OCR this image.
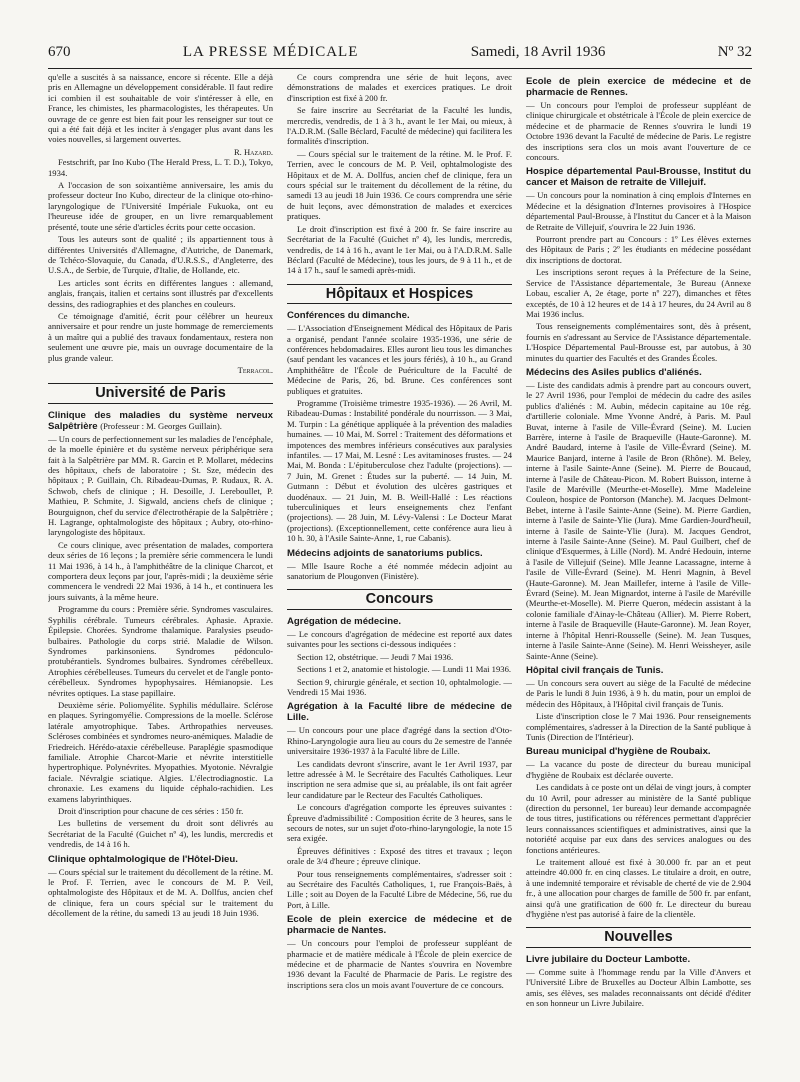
670	LA PRESSE MÉDICALE	Samedi, 18 Avril 1936	Nº 32

qu'elle a suscités à sa naissance, encore si récente. Elle a déjà pris en Allemagne un développement considérable. Il faut redire ici combien il est souhaitable de voir s'intéresser à elle, en France, les chimistes, les pharmacologistes, les thérapeutes. Un ouvrage de ce genre est bien fait pour les renseigner sur tout ce qui a été fait déjà et les inciter à s'engager plus avant dans les voies nouvelles, si largement ouvertes.

R. Hazard.

Festschrift, par Ino Kubo (The Herald Press, L. T. D.), Tokyo, 1934.

A l'occasion de son soixantième anniversaire, les amis du professeur docteur Ino Kubo, directeur de la clinique oto-rhino-laryngologique de l'Université Impériale Fukuoka, ont eu l'heureuse idée de grouper, en un livre remarquablement présenté, toute une série d'articles écrits pour cette occasion.

Tous les auteurs sont de qualité ; ils appartiennent tous à différentes Universités d'Allemagne, d'Autriche, de Danemark, de Tchéco-Slovaquie, du Canada, d'U.R.S.S., d'Angleterre, des U.S.A., de Serbie, de Turquie, d'Italie, de Hollande, etc.

Les articles sont écrits en différentes langues : allemand, anglais, français, italien et certains sont illustrés par d'excellents dessins, des radiographies et des planches en couleurs.

Ce témoignage d'amitié, écrit pour célébrer un heureux anniversaire et pour rendre un juste hommage de remerciements à un maître qui a publié des travaux fondamentaux, restera non seulement une œuvre pie, mais un ouvrage documentaire de la plus grande valeur.

Terracol.
Université de Paris
Clinique des maladies du système nerveux Salpêtrière (Professeur : M. Georges Guillain).

— Un cours de perfectionnement sur les maladies de l'encéphale, de la moelle épinière et du système nerveux périphérique sera fait à la Salpêtrière par MM. R. Garcin et P. Mollaret, médecins des hôpitaux, chefs de laboratoire ; St. Sze, médecin des hôpitaux ; P. Guillain, Ch. Ribadeau-Dumas, P. Rudaux, R. A. Schwob, chefs de clinique ; H. Desoille, J. Lereboullet, P. Mathieu, P. Schmite, J. Sigwald, anciens chefs de clinique ; Bourguignon, chef du service d'électrothérapie de la Salpêtrière ; H. Lagrange, ophtalmologiste des hôpitaux ; Aubry, oto-rhino-laryngologiste des hôpitaux.

Ce cours clinique, avec présentation de malades, comportera deux séries de 16 leçons ; la première série commencera le lundi 11 Mai 1936, à 14 h., à l'amphithéâtre de la clinique Charcot, et comportera deux leçons par jour, l'après-midi ; la deuxième série commencera le vendredi 22 Mai 1936, à 14 h., et continuera les jours suivants, à la même heure.

Programme du cours : Première série. Syndromes vasculaires. Syphilis cérébrale. Tumeurs cérébrales. Aphasie. Apraxie. Épilepsie. Chorées. Syndrome thalamique. Paralysies pseudo-bulbaires. Pathologie du corps strié. Maladie de Wilson. Syndromes parkinsoniens. Syndromes pédonculo-protubérantiels. Syndromes bulbaires. Syndromes cérébelleux. Atrophies cérébelleuses. Tumeurs du cervelet et de l'angle ponto-cérébelleux. Syndromes hypophysaires. Hémianopsie. Les névrites optiques. La stase papillaire.

Deuxième série. Poliomyélite. Syphilis médullaire. Sclérose en plaques. Syringomyélie. Compressions de la moelle. Sclérose latérale amyotrophique. Tabes. Arthropathies nerveuses. Scléroses combinées et syndromes neuro-anémiques. Maladie de Friedreich. Hérédo-ataxie cérébelleuse. Paraplégie spasmodique familiale. Atrophie Charcot-Marie et névrite interstitielle hypertrophique. Polynévrites. Myopathies. Myotonie. Névralgie faciale. Névralgie sciatique. Algies. L'électrodiagnostic. La chronaxie. Les examens du liquide céphalo-rachidien. Les examens labyrinthiques.

Droit d'inscription pour chacune de ces séries : 150 fr.

Les bulletins de versement du droit sont délivrés au Secrétariat de la Faculté (Guichet nº 4), les lundis, mercredis et vendredis, de 14 à 16 h.

Clinique ophtalmologique de l'Hôtel-Dieu.

— Cours spécial sur le traitement du décollement de la rétine. M. le Prof. F. Terrien, avec le concours de M. P. Veil, ophtalmologiste des Hôpitaux et de M. A. Dollfus, ancien chef de clinique, fera un cours spécial sur le traitement du décollement de la rétine, du samedi 13 au jeudi 18 Juin 1936.

Ce cours comprendra une série de huit leçons, avec démonstrations de malades et exercices pratiques. Le droit d'inscription est fixé à 200 fr.

Se faire inscrire au Secrétariat de la Faculté les lundis, mercredis, vendredis, de 1 à 3 h., avant le 1er Mai, ou mieux, à l'A.D.R.M. (Salle Béclard, Faculté de médecine) qui facilitera les formalités d'inscription.

— Cours spécial sur le traitement de la rétine. M. le Prof. F. Terrien, avec le concours de M. P. Veil, ophtalmologiste des Hôpitaux et de M. A. Dollfus, ancien chef de clinique, fera un cours spécial sur le traitement du décollement de la rétine, du samedi 13 au jeudi 18 Juin 1936. Ce cours comprendra une série de huit leçons, avec démonstration de malades et exercices pratiques.

Le droit d'inscription est fixé à 200 fr. Se faire inscrire au Secrétariat de la Faculté (Guichet nº 4), les lundis, mercredis, vendredis, de 14 à 16 h., avant le 1er Mai, ou à l'A.D.R.M. Salle Béclard (Faculté de Médecine), tous les jours, de 9 à 11 h., et de 14 à 17 h., sauf le samedi après-midi.

Hôpitaux et Hospices
Conférences du dimanche.

— L'Association d'Enseignement Médical des Hôpitaux de Paris a organisé, pendant l'année scolaire 1935-1936, une série de conférences hebdomadaires. Elles auront lieu tous les dimanches (sauf pendant les vacances et les jours fériés), à 10 h., au Grand Amphithéâtre de l'École de Puériculture de la Faculté de Médecine de Paris, 26, bd. Brune. Ces conférences sont publiques et gratuites.

Programme (Troisième trimestre 1935-1936). — 26 Avril, M. Ribadeau-Dumas : Instabilité pondérale du nourrisson. — 3 Mai, M. Turpin : La génétique appliquée à la prévention des maladies humaines. — 10 Mai, M. Sorrel : Traitement des déformations et impotences des membres inférieurs consécutives aux paralysies infantiles. — 17 Mai, M. Lesné : Les avitaminoses frustes. — 24 Mai, M. Bonda : L'épituberculose chez l'adulte (projections). — 7 Juin, M. Grenet : Études sur la puberté. — 14 Juin, M. Gutmann : Début et évolution des ulcères gastriques et duodénaux. — 21 Juin, M. B. Weill-Hallé : Les réactions tuberculiniques et leurs enseignements chez l'enfant (projections). — 28 Juin, M. Lévy-Valensi : Le Docteur Marat (projections). (Exceptionnellement, cette conférence aura lieu à 10 h. 30, à l'Asile Sainte-Anne, 1, rue Cabanis).

Médecins adjoints de sanatoriums publics.

— Mlle Isaure Roche a été nommée médecin adjoint au sanatorium de Plougonven (Finistère).

Concours
Agrégation de médecine.

— Le concours d'agrégation de médecine est reporté aux dates suivantes pour les sections ci-dessous indiquées :

Section 12, obstétrique. — Jeudi 7 Mai 1936.

Sections 1 et 2, anatomie et histologie. — Lundi 11 Mai 1936.

Section 9, chirurgie générale, et section 10, ophtalmologie. — Vendredi 15 Mai 1936.

Agrégation à la Faculté libre de médecine de Lille.

— Un concours pour une place d'agrégé dans la section d'Oto-Rhino-Laryngologie aura lieu au cours du 2e semestre de l'année universitaire 1936-1937 à la Faculté libre de Lille.

Les candidats devront s'inscrire, avant le 1er Avril 1937, par lettre adressée à M. le Secrétaire des Facultés Catholiques. Leur inscription ne sera admise que si, au préalable, ils ont fait agréer leur candidature par le Recteur des Facultés Catholiques.

Le concours d'agrégation comporte les épreuves suivantes : Épreuve d'admissibilité : Composition écrite de 3 heures, sans le secours de notes, sur un sujet d'oto-rhino-laryngologie, la note 15 sera exigée.

Épreuves définitives : Exposé des titres et travaux ; leçon orale de 3/4 d'heure ; épreuve clinique.

Pour tous renseignements complémentaires, s'adresser soit : au Secrétaire des Facultés Catholiques, 1, rue François-Baës, à Lille ; soit au Doyen de la Faculté Libre de Médecine, 56, rue du Port, à Lille.

Ecole de plein exercice de médecine et de pharmacie de Nantes.

— Un concours pour l'emploi de professeur suppléant de pharmacie et de matière médicale à l'École de plein exercice de médecine et de pharmacie de Nantes s'ouvrira en Novembre 1936 devant la Faculté de Pharmacie de Paris. Le registre des inscriptions sera clos un mois avant l'ouverture de ce concours.

Ecole de plein exercice de médecine et de pharmacie de Rennes.

— Un concours pour l'emploi de professeur suppléant de clinique chirurgicale et obstétricale à l'École de plein exercice de médecine et de pharmacie de Rennes s'ouvrira le lundi 19 Octobre 1936 devant la Faculté de médecine de Paris. Le registre des inscriptions sera clos un mois avant l'ouverture de ce concours.

Hospice départemental Paul-Brousse, Institut du cancer et Maison de retraite de Villejuif.

— Un concours pour la nomination à cinq emplois d'Internes en Médecine et la désignation d'Internes provisoires à l'Hospice départemental Paul-Brousse, à l'Institut du Cancer et à la Maison de Retraite de Villejuif, s'ouvrira le 22 Juin 1936.

Pourront prendre part au Concours : 1º Les élèves externes des Hôpitaux de Paris ; 2º les étudiants en médecine possédant dix inscriptions de doctorat.

Les inscriptions seront reçues à la Préfecture de la Seine, Service de l'Assistance départementale, 3e Bureau (Annexe Lobau, escalier A, 2e étage, porte nº 227), dimanches et fêtes exceptés, de 10 à 12 heures et de 14 à 17 heures, du 24 Avril au 8 Mai 1936 inclus.

Tous renseignements complémentaires sont, dès à présent, fournis en s'adressant au Service de l'Assistance départementale. L'Hospice Départemental Paul-Brousse est, par autobus, à 30 minutes du quartier des Facultés et des Grandes Écoles.

Médecins des Asiles publics d'aliénés.

— Liste des candidats admis à prendre part au concours ouvert, le 27 Avril 1936, pour l'emploi de médecin du cadre des asiles publics d'aliénés : M. Aubin, médecin capitaine au 10e rég. d'artillerie coloniale. Mme Yvonne André, à Paris. M. Paul Buvat, interne à l'asile de Ville-Évrard (Seine). M. Lucien Barrère, interne à l'asile de Braqueville (Haute-Garonne). M. André Baudard, interne à l'asile de Ville-Évrard (Seine). M. Maurice Banjard, interne à l'asile de Bron (Rhône). M. Beley, interne à l'asile Sainte-Anne (Seine). M. Pierre de Boucaud, interne à l'asile de Château-Picon. M. Robert Buisson, interne à l'asile de Maréville (Meurthe-et-Moselle). Mme Madeleine Couleon, hospice de Pontorson (Manche). M. Jacques Delmont-Bebet, interne à l'asile Sainte-Anne (Seine). M. Pierre Gardien, interne à l'asile de Sainte-Ylie (Jura). Mme Gardien-Jourd'heuil, interne à l'asile de Sainte-Ylie (Jura). M. Jacques Gendrot, interne à l'asile Sainte-Anne (Seine). M. Paul Guilbert, chef de clinique d'Esquermes, à Lille (Nord). M. André Hedouin, interne à l'asile de Villejuif (Seine). Mlle Jeanne Lacassagne, interne à l'asile de Ville-Évrard (Seine). M. Henri Magnin, à Bevel (Haute-Garonne). M. Jean Maillefer, interne à l'asile de Ville-Évrard (Seine). M. Jean Mignardot, interne à l'asile de Maréville (Meurthe-et-Moselle). M. Pierre Queron, médecin assistant à la colonie familiale d'Ainay-le-Château (Allier). M. Pierre Robert, interne à l'asile de Braqueville (Haute-Garonne). M. Jean Royer, interne à l'hôpital Henri-Rousselle (Seine). M. Jean Tusques, interne à l'asile Sainte-Anne (Seine). M. Henri Weissheyer, asile Sainte-Anne (Seine).

Hôpital civil français de Tunis.

— Un concours sera ouvert au siège de la Faculté de médecine de Paris le lundi 8 Juin 1936, à 9 h. du matin, pour un emploi de médecin des Hôpitaux, à l'Hôpital civil français de Tunis.

Liste d'inscription close le 7 Mai 1936. Pour renseignements complémentaires, s'adresser à la Direction de la Santé publique à Tunis (Direction de l'Intérieur).

Bureau municipal d'hygiène de Roubaix.

— La vacance du poste de directeur du bureau municipal d'hygiène de Roubaix est déclarée ouverte.

Les candidats à ce poste ont un délai de vingt jours, à compter du 10 Avril, pour adresser au ministère de la Santé publique (direction du personnel, 1er bureau) leur demande accompagnée de tous titres, justifications ou références permettant d'apprécier leurs connaissances scientifiques et administratives, ainsi que la notoriété acquise par eux dans des services analogues ou des fonctions antérieures.

Le traitement alloué est fixé à 30.000 fr. par an et peut atteindre 40.000 fr. en cinq classes. Le titulaire a droit, en outre, à une indemnité temporaire et révisable de cherté de vie de 2.904 fr., à une allocation pour charges de famille de 500 fr. par enfant, ainsi qu'à une gratification de 600 fr. Le directeur du bureau d'hygiène n'est pas autorisé à faire de la clientèle.

Nouvelles
Livre jubilaire du Docteur Lambotte.

— Comme suite à l'hommage rendu par la Ville d'Anvers et l'Université Libre de Bruxelles au Docteur Albin Lambotte, ses amis, ses élèves, ses malades reconnaissants ont décidé d'éditer en son honneur un Livre Jubilaire.
